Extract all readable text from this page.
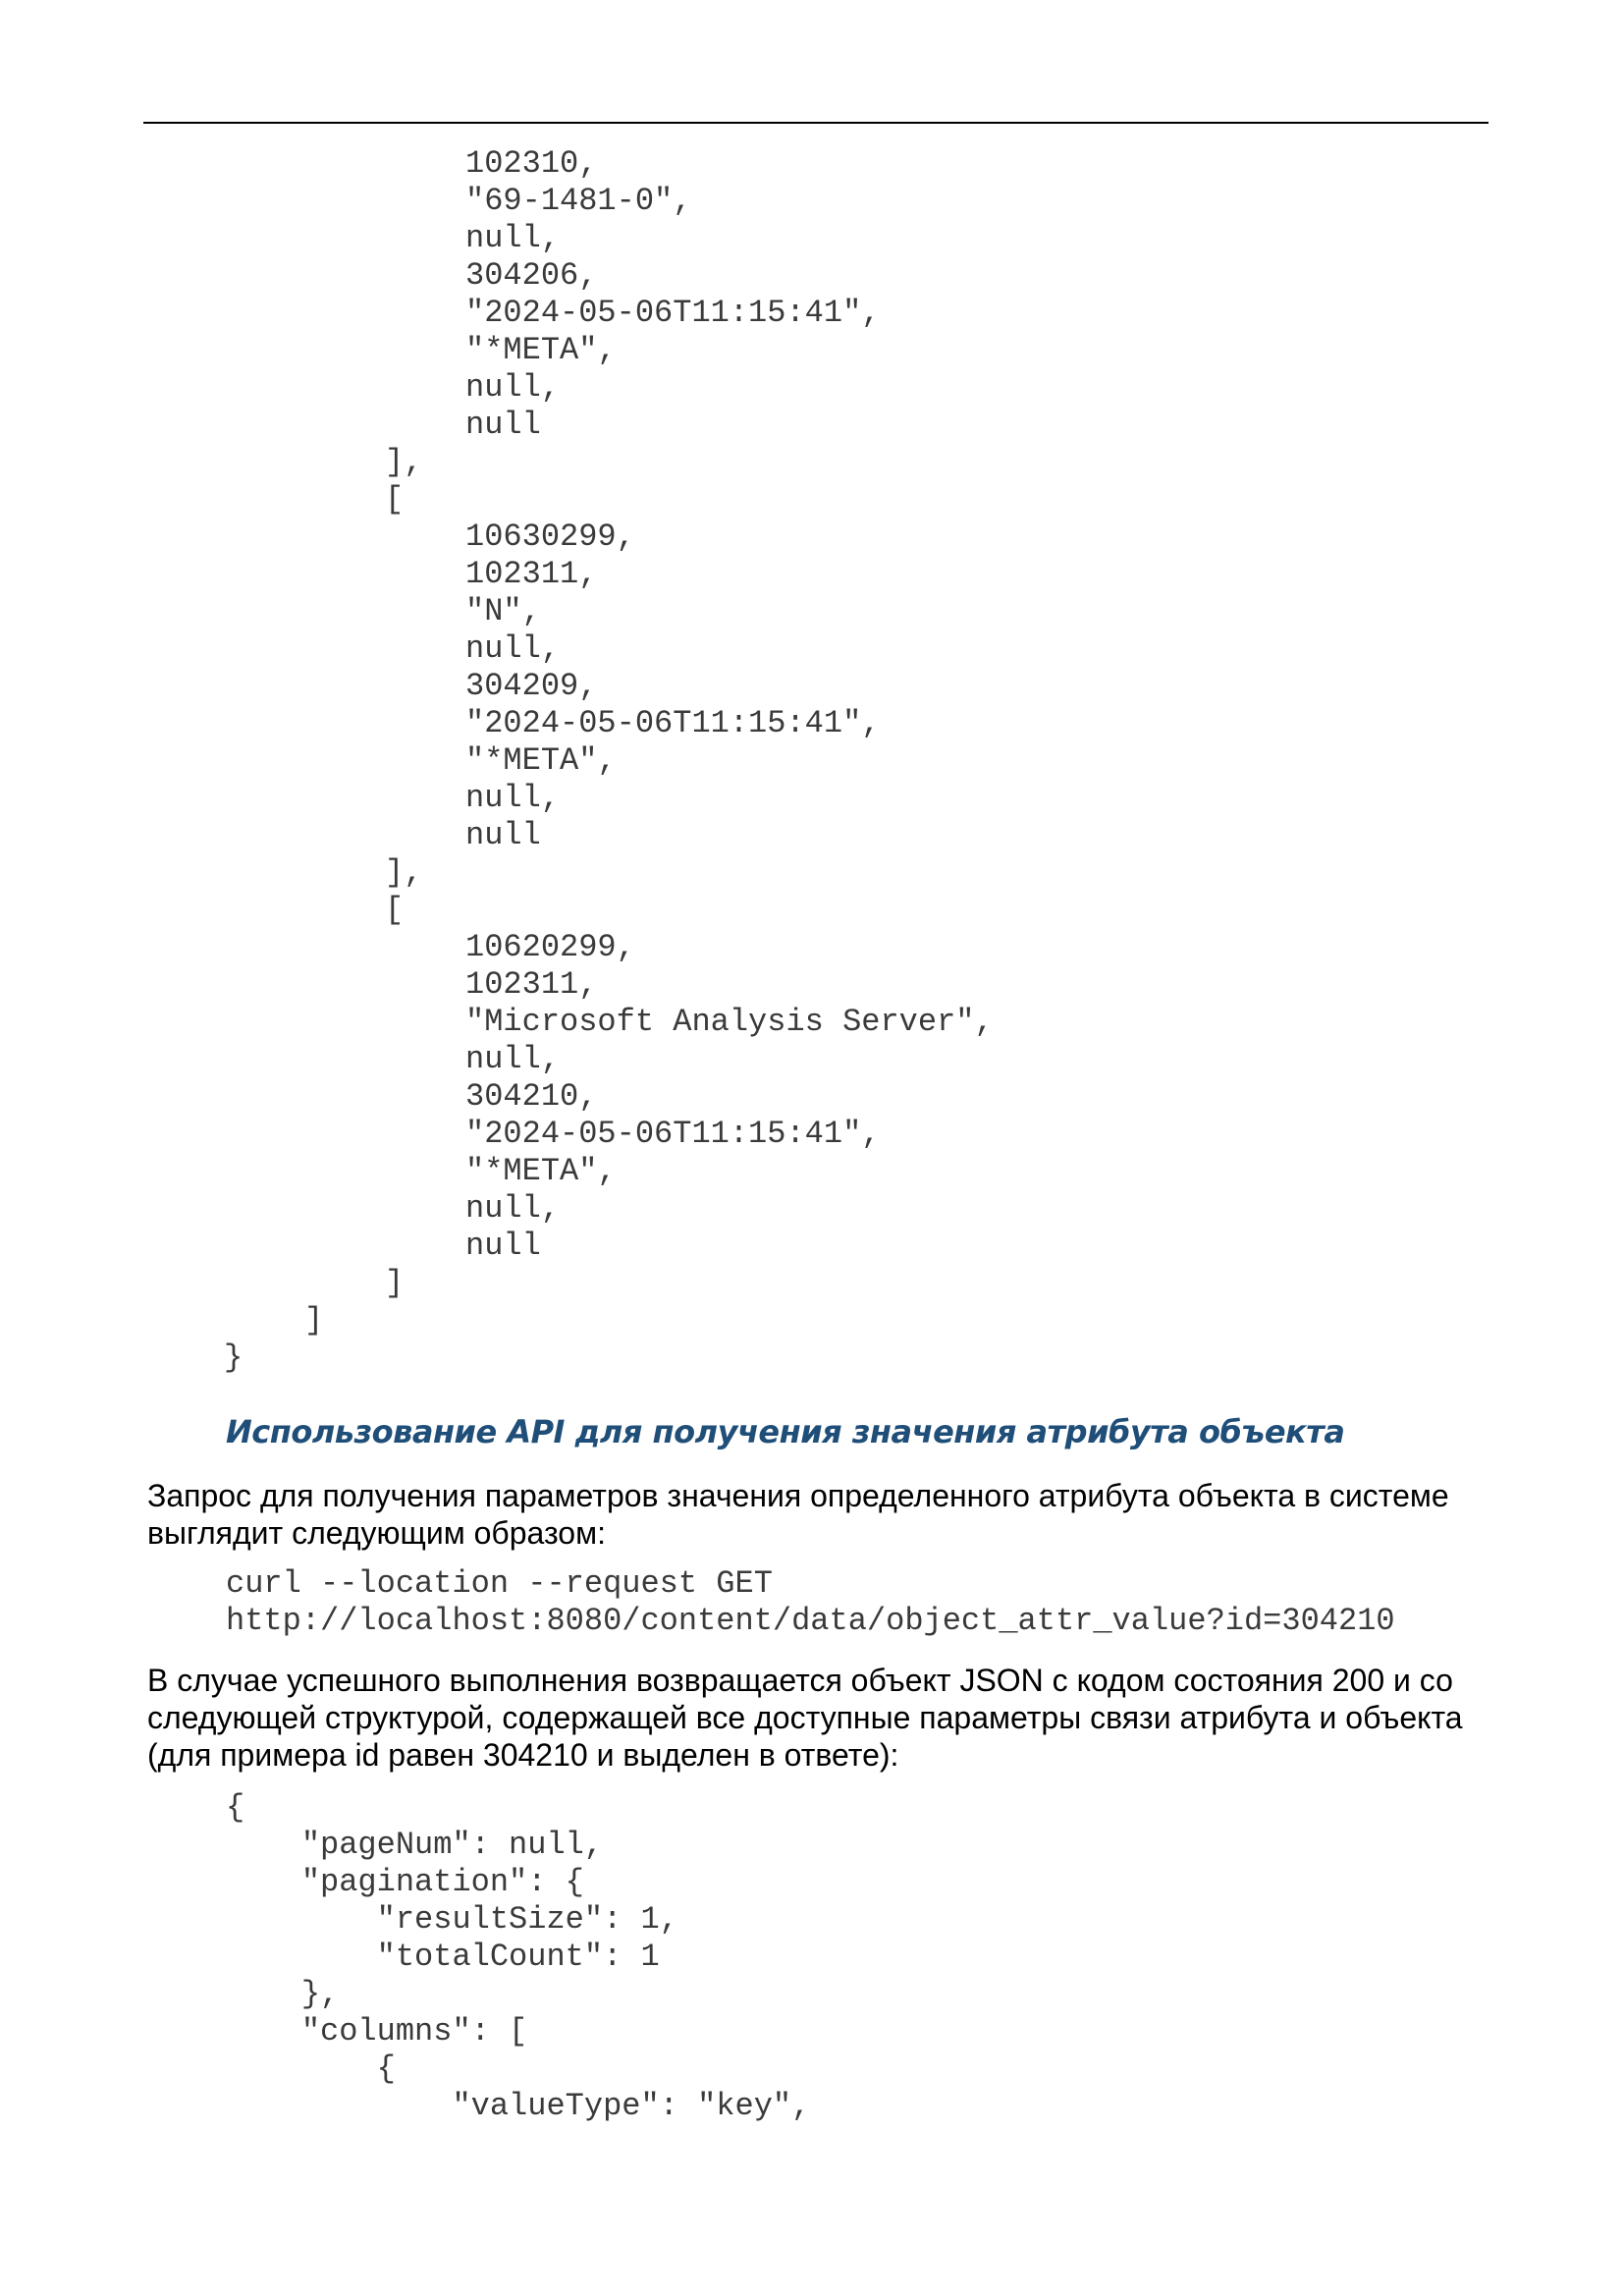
102310,
"69-1481-0",
null,
304206,
"2024-05-06T11:15:41",
"*META",
null,
null
],
[
10630299,
102311,
"N",
null,
304209,
"2024-05-06T11:15:41",
"*META",
null,
null
],
[
10620299,
102311,
"Microsoft Analysis Server",
null,
304210,
"2024-05-06T11:15:41",
"*META",
null,
null
]
]
}
Использование API для получения значения атрибута объекта

Запрос для получения параметров значения определенного атрибута объекта в системе выглядит следующим образом:

curl --location --request GET
http://localhost:8080/content/data/object_attr_value?id=304210

В случае успешного выполнения возвращается объект JSON с кодом состояния 200 и со следующей структурой, содержащей все доступные параметры связи атрибута и объекта (для примера id равен 304210 и выделен в ответе):

{
"pageNum": null,
"pagination": {
"resultSize": 1,
"totalCount": 1
},
"columns": [
{
"valueType": "key",
